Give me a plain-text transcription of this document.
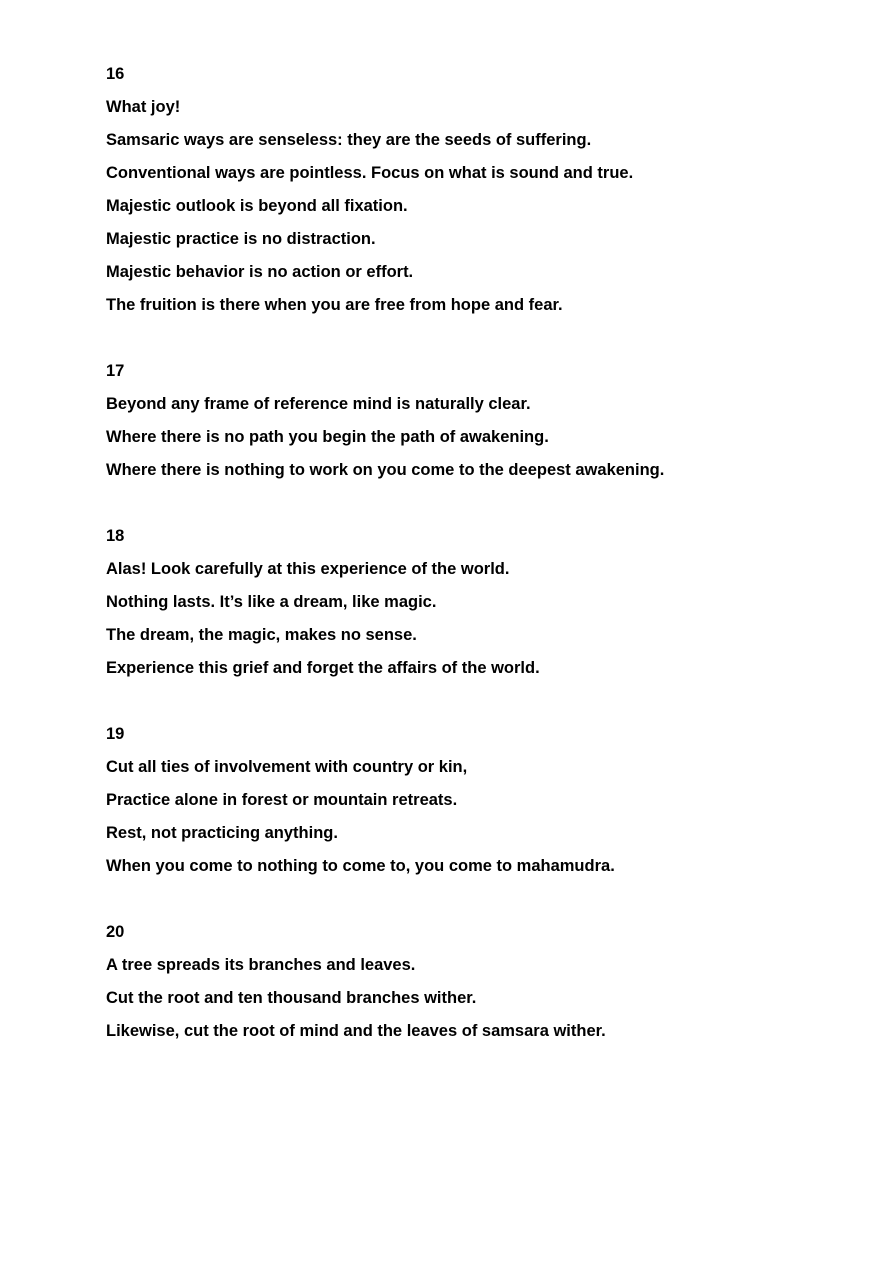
16
What joy!
Samsaric ways are senseless: they are the seeds of suffering.
Conventional ways are pointless. Focus on what is sound and true.
Majestic outlook is beyond all fixation.
Majestic practice is no distraction.
Majestic behavior is no action or effort.
The fruition is there when you are free from hope and fear.
17
Beyond any frame of reference mind is naturally clear.
Where there is no path you begin the path of awakening.
Where there is nothing to work on you come to the deepest awakening.
18
Alas! Look carefully at this experience of the world.
Nothing lasts. It’s like a dream, like magic.
The dream, the magic, makes no sense.
Experience this grief and forget the affairs of the world.
19
Cut all ties of involvement with country or kin,
Practice alone in forest or mountain retreats.
Rest, not practicing anything.
When you come to nothing to come to, you come to mahamudra.
20
A tree spreads its branches and leaves.
Cut the root and ten thousand branches wither.
Likewise, cut the root of mind and the leaves of samsara wither.
